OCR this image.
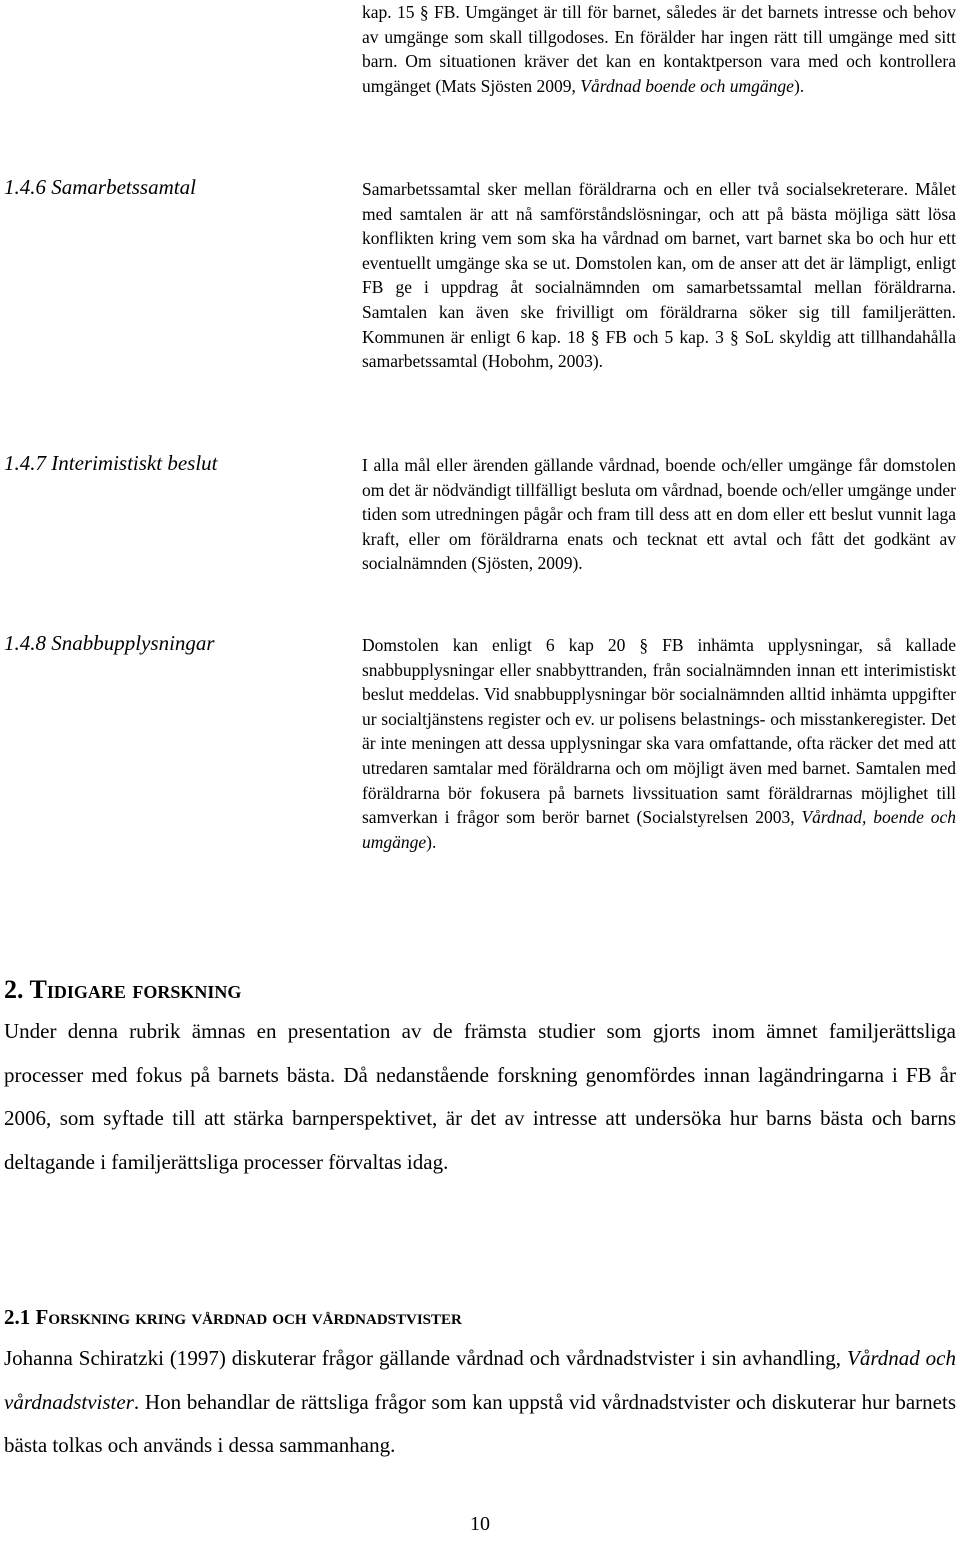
kap. 15 § FB. Umgänget är till för barnet, således är det barnets intresse och behov av umgänge som skall tillgodoses. En förälder har ingen rätt till umgänge med sitt barn. Om situationen kräver det kan en kontaktperson vara med och kontrollera umgänget (Mats Sjösten 2009, Vårdnad boende och umgänge).

1.4.6 Samarbetssamtal	Samarbetssamtal sker mellan föräldrarna och en eller två socialsekreterare. Målet med samtalen är att nå samförståndslösningar, och att på bästa möjliga sätt lösa konflikten kring vem som ska ha vårdnad om barnet, vart barnet ska bo och hur ett eventuellt umgänge ska se ut. Domstolen kan, om de anser att det är lämpligt, enligt FB ge i uppdrag åt socialnämnden om samarbetssamtal mellan föräldrarna. Samtalen kan även ske frivilligt om föräldrarna söker sig till familjerätten. Kommunen är enligt 6 kap. 18 § FB och 5 kap. 3 § SoL skyldig att tillhandahålla samarbetssamtal (Hobohm, 2003).

1.4.7 Interimistiskt beslut	I alla mål eller ärenden gällande vårdnad, boende och/eller umgänge får domstolen om det är nödvändigt tillfälligt besluta om vårdnad, boende och/eller umgänge under tiden som utredningen pågår och fram till dess att en dom eller ett beslut vunnit laga kraft, eller om föräldrarna enats och tecknat ett avtal och fått det godkänt av socialnämnden (Sjösten, 2009).

1.4.8 Snabbupplysningar	Domstolen kan enligt 6 kap 20 § FB inhämta upplysningar, så kallade snabbupplysningar eller snabbyttranden, från socialnämnden innan ett interimistiskt beslut meddelas. Vid snabbupplysningar bör socialnämnden alltid inhämta uppgifter ur socialtjänstens register och ev. ur polisens belastnings- och misstankeregister. Det är inte meningen att dessa upplysningar ska vara omfattande, ofta räcker det med att utredaren samtalar med föräldrarna och om möjligt även med barnet. Samtalen med föräldrarna bör fokusera på barnets livssituation samt föräldrarnas möjlighet till samverkan i frågor som berör barnet (Socialstyrelsen 2003, Vårdnad, boende och umgänge).

2. Tidigare forskning

Under denna rubrik ämnas en presentation av de främsta studier som gjorts inom ämnet familjerättsliga processer med fokus på barnets bästa. Då nedanstående forskning genomfördes innan lagändringarna i FB år 2006, som syftade till att stärka barnperspektivet, är det av intresse att undersöka hur barns bästa och barns deltagande i familjerättsliga processer förvaltas idag.

2.1 Forskning kring vårdnad och vårdnadstvister

Johanna Schiratzki (1997) diskuterar frågor gällande vårdnad och vårdnadstvister i sin avhandling, Vårdnad och vårdnadstvister. Hon behandlar de rättsliga frågor som kan uppstå vid vårdnadstvister och diskuterar hur barnets bästa tolkas och används i dessa sammanhang.

10
